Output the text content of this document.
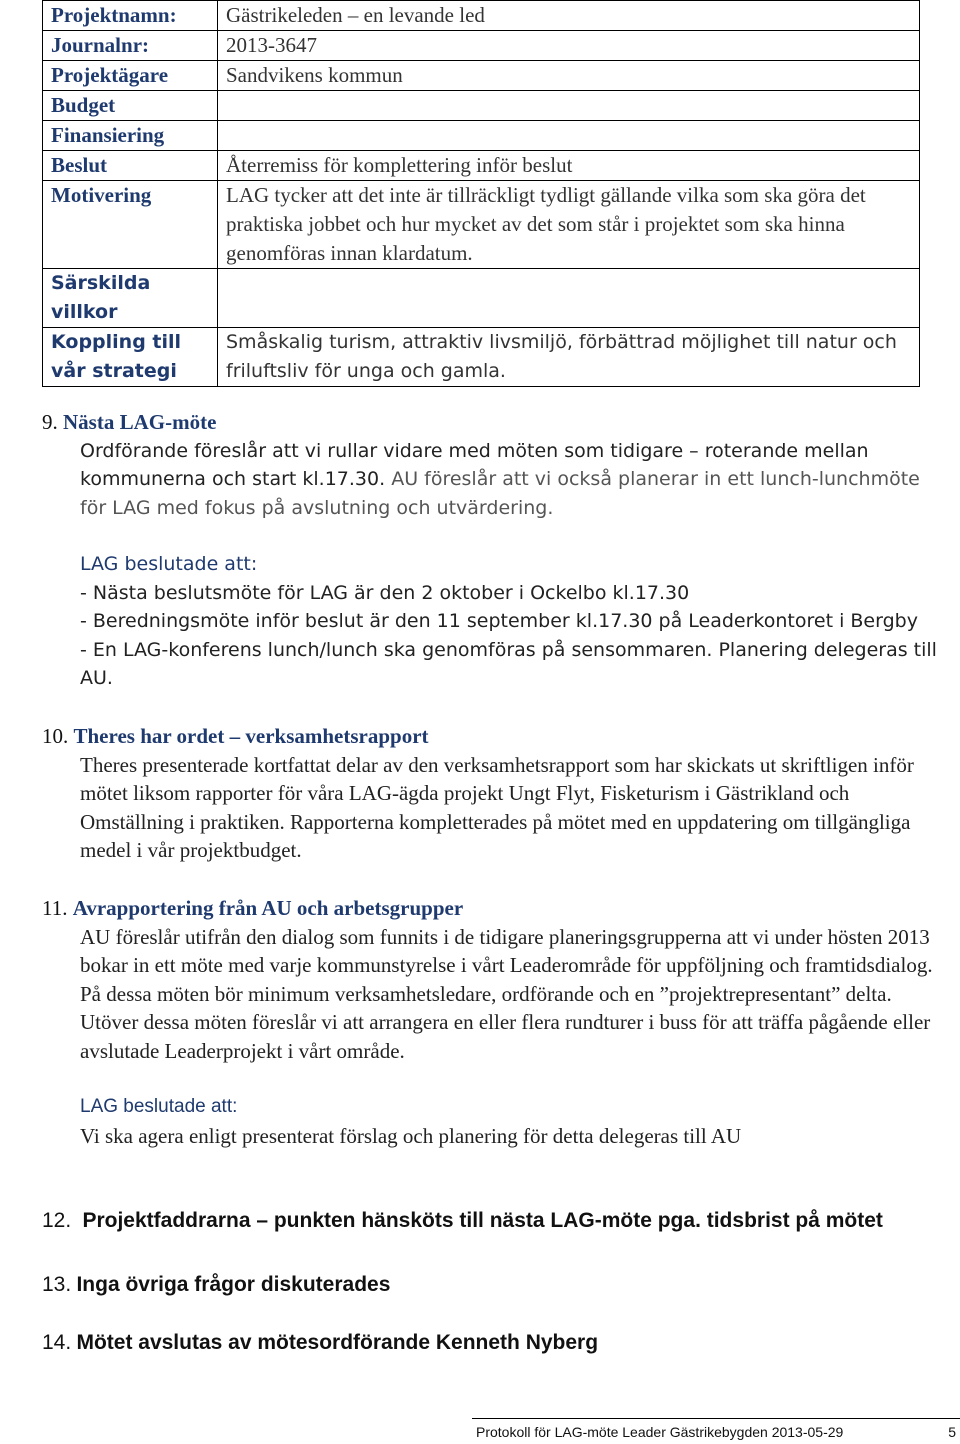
Projektnamn:	Gästrikeleden – en levande led
Journalnr:	2013-3647
Projektägare	Sandvikens kommun
Budget	
Finansiering	
Beslut	Återremiss för komplettering inför beslut
Motivering	LAG tycker att det inte är tillräckligt tydligt gällande vilka som ska göra det praktiska jobbet och hur mycket av det som står i projektet som ska hinna genomföras innan klardatum.
Särskilda villkor	
Koppling till vår strategi	Småskalig turism, attraktiv livsmiljö, förbättrad möjlighet till natur och friluftsliv för unga och gamla.
9. Nästa LAG-möte
Ordförande föreslår att vi rullar vidare med möten som tidigare – roterande mellan kommunerna och start kl.17.30. AU föreslår att vi också planerar in ett lunch-lunchmöte för LAG med fokus på avslutning och utvärdering.
LAG beslutade att:
- Nästa beslutsmöte för LAG är den 2 oktober i Ockelbo kl.17.30
- Beredningsmöte inför beslut är den 11 september kl.17.30 på Leaderkontoret i Bergby
- En LAG-konferens lunch/lunch ska genomföras på sensommaren. Planering delegeras till AU.
10. Theres har ordet – verksamhetsrapport
Theres presenterade kortfattat delar av den verksamhetsrapport som har skickats ut skriftligen inför mötet liksom rapporter för våra LAG-ägda projekt Ungt Flyt, Fisketurism i Gästrikland och Omställning i praktiken. Rapporterna kompletterades på mötet med en uppdatering om tillgängliga medel i vår projektbudget.
11. Avrapportering från AU och arbetsgrupper
AU föreslår utifrån den dialog som funnits i de tidigare planeringsgrupperna att vi under hösten 2013 bokar in ett möte med varje kommunstyrelse i vårt Leaderområde för uppföljning och framtidsdialog. På dessa möten bör minimum verksamhetsledare, ordförande och en ”projektrepresentant” delta. Utöver dessa möten föreslår vi att arrangera en eller flera rundturer i buss för att träffa pågående eller avslutade Leaderprojekt i vårt område.
LAG beslutade att:
Vi ska agera enligt presenterat förslag och planering för detta delegeras till AU
12. Projektfaddrarna – punkten hänsköts till nästa LAG-möte pga. tidsbrist på mötet
13. Inga övriga frågor diskuterades
14. Mötet avslutas av mötesordförande Kenneth Nyberg
Protokoll för LAG-möte Leader Gästrikebygden 2013-05-29	5
